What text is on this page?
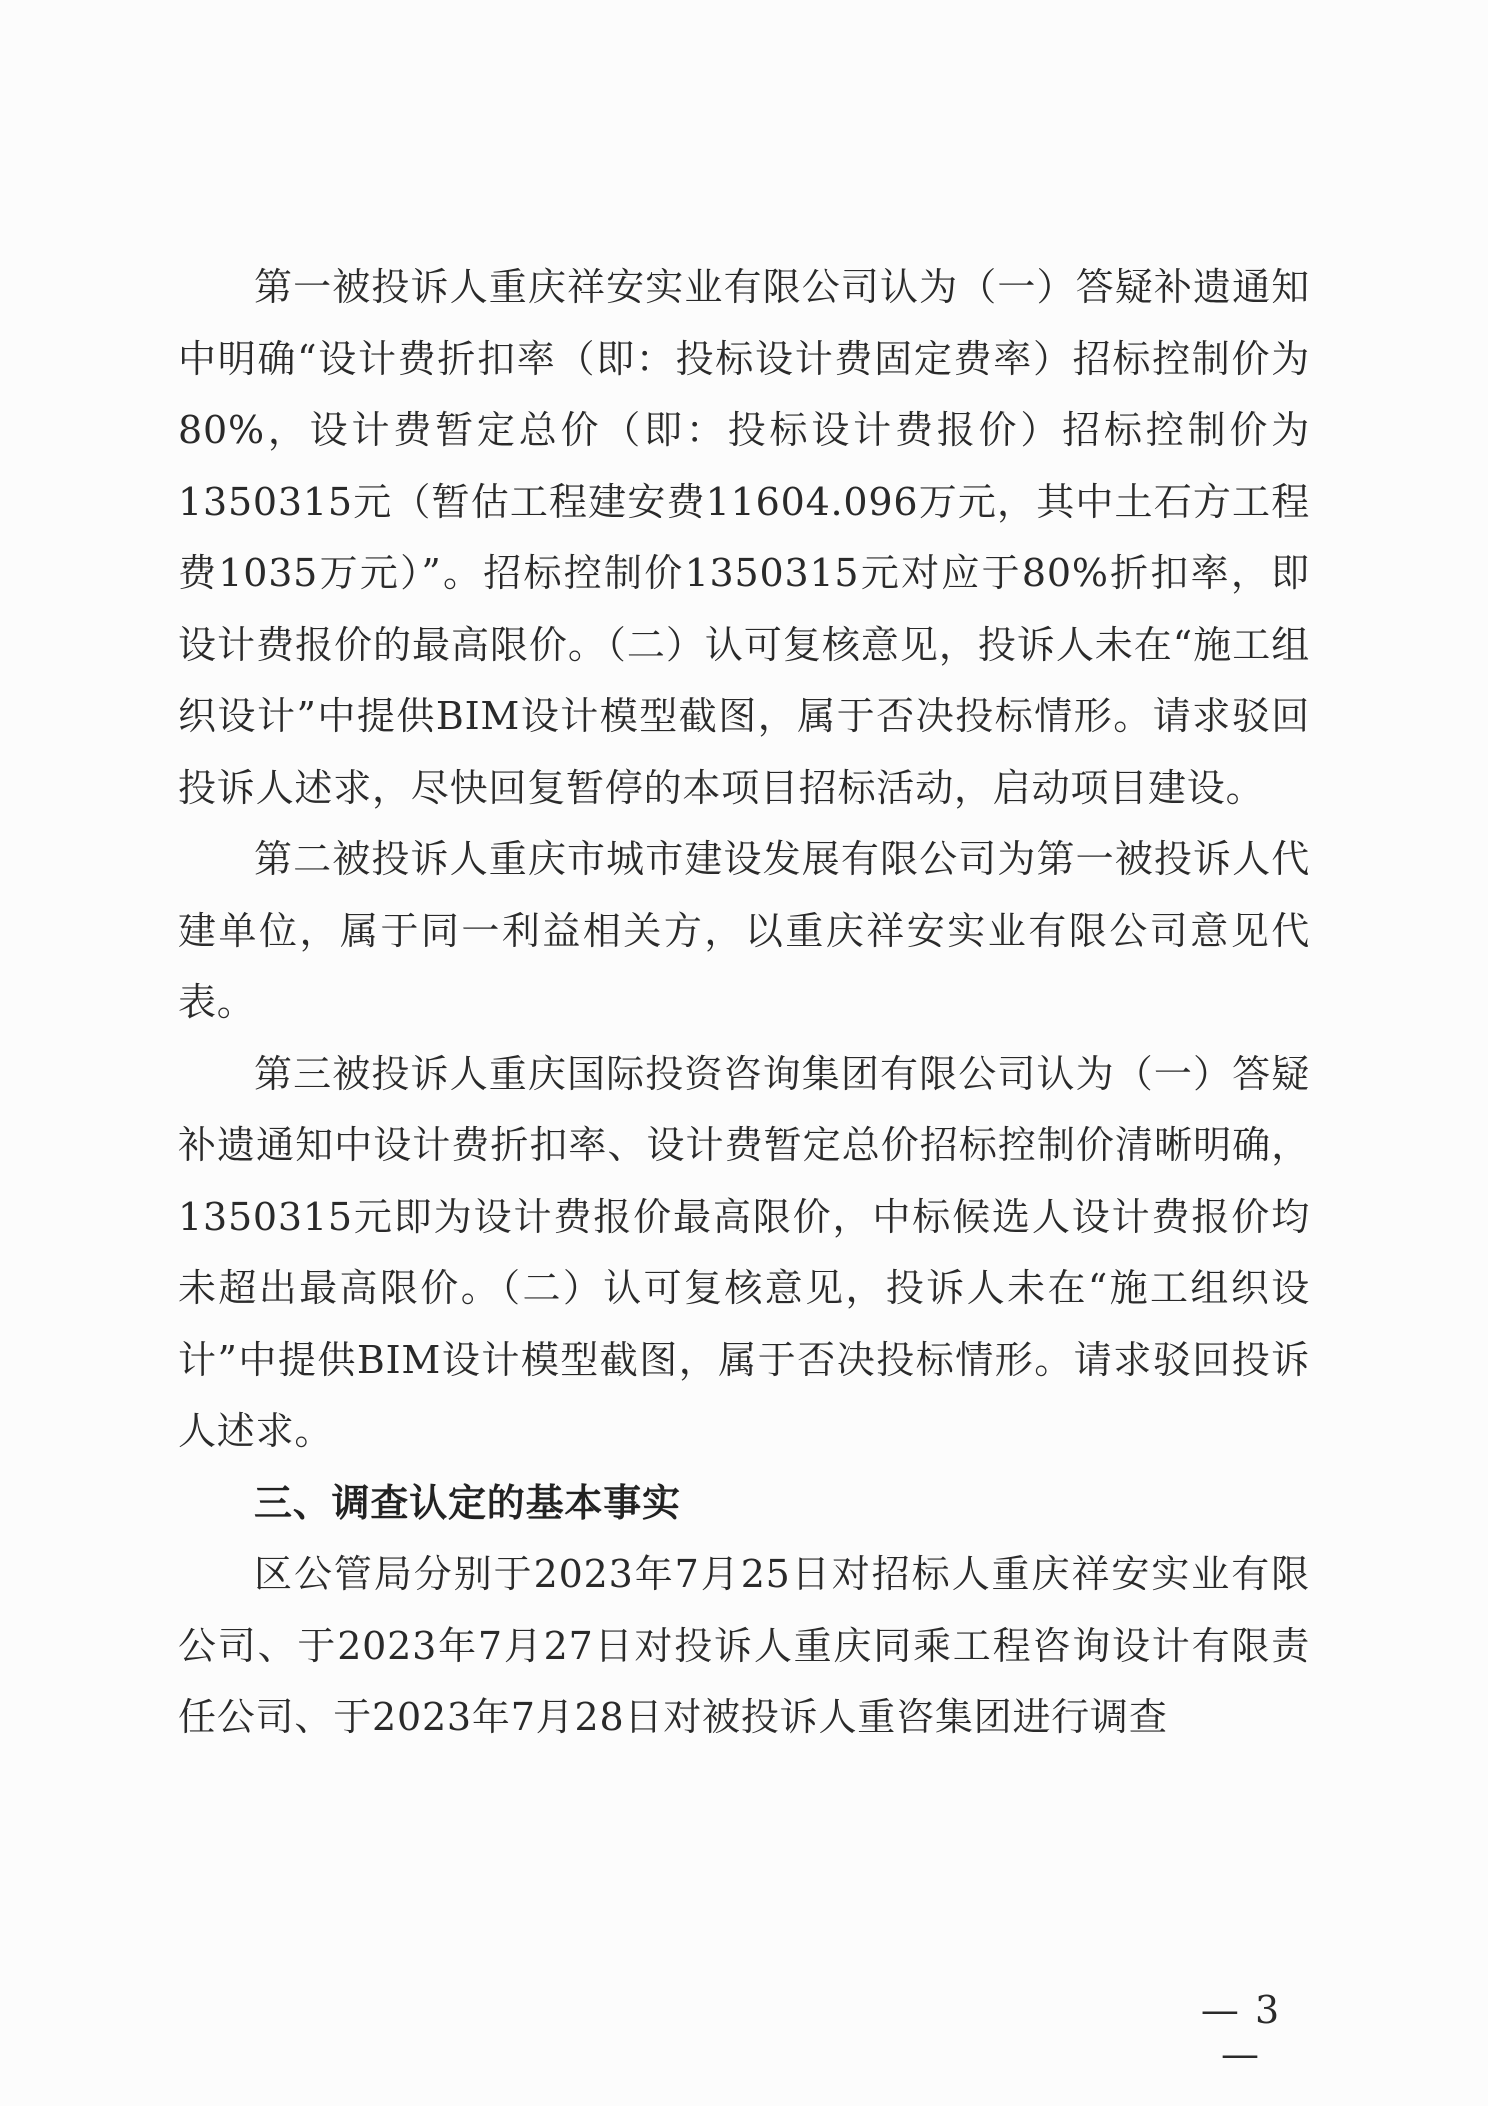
第一被投诉人重庆祥安实业有限公司认为（一）答疑补遗通知中明确“设计费折扣率（即：投标设计费固定费率）招标控制价为80%，设计费暂定总价（即：投标设计费报价）招标控制价为1350315元（暂估工程建安费11604.096万元，其中土石方工程费1035万元）”。招标控制价1350315元对应于80%折扣率，即设计费报价的最高限价。（二）认可复核意见，投诉人未在“施工组织设计”中提供BIM设计模型截图，属于否决投标情形。请求驳回投诉人述求，尽快回复暂停的本项目招标活动，启动项目建设。

第二被投诉人重庆市城市建设发展有限公司为第一被投诉人代建单位，属于同一利益相关方，以重庆祥安实业有限公司意见代表。

第三被投诉人重庆国际投资咨询集团有限公司认为（一）答疑补遗通知中设计费折扣率、设计费暂定总价招标控制价清晰明确，1350315元即为设计费报价最高限价，中标候选人设计费报价均未超出最高限价。（二）认可复核意见，投诉人未在“施工组织设计”中提供BIM设计模型截图，属于否决投标情形。请求驳回投诉人述求。

三、调查认定的基本事实

区公管局分别于2023年7月25日对招标人重庆祥安实业有限公司、于2023年7月27日对投诉人重庆同乘工程咨询设计有限责任公司、于2023年7月28日对被投诉人重咨集团进行调查

— 3 —
